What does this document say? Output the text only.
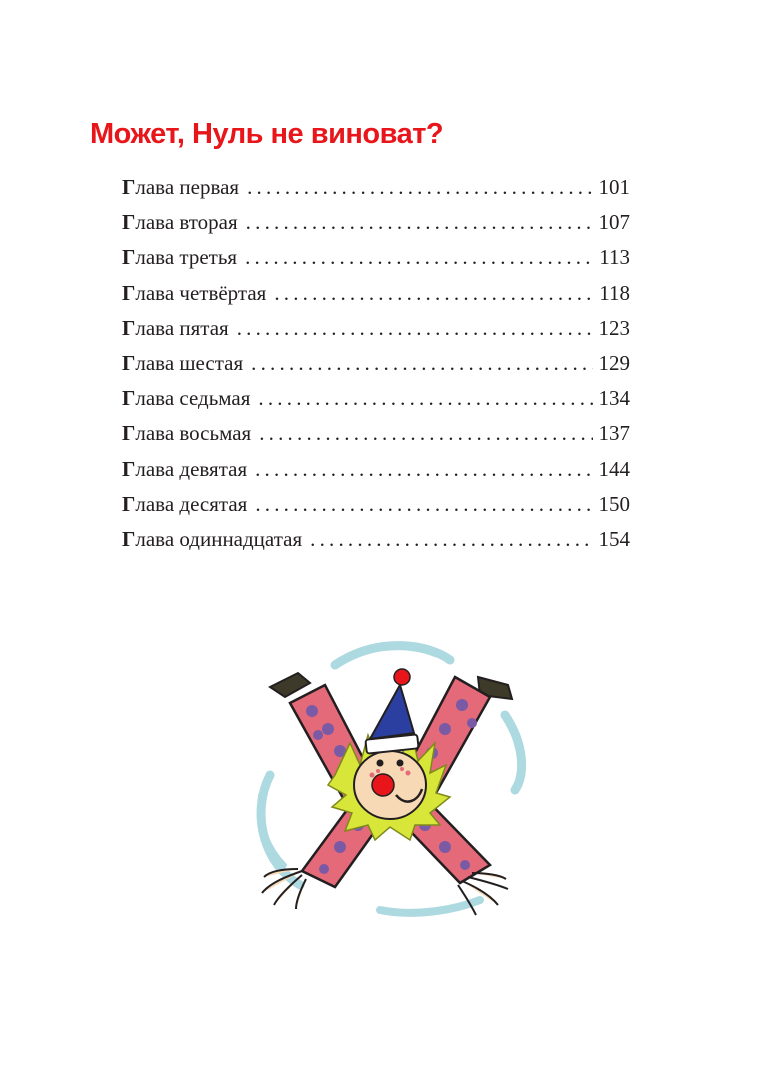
Может, Нуль не виноват?
Глава первая .....	101
Глава вторая .....	107
Глава третья .....	113
Глава четвёртая .....	118
Глава пятая .....	123
Глава шестая .....	129
Глава седьмая .....	134
Глава восьмая .....	137
Глава девятая .....	144
Глава десятая .....	150
Глава одиннадцатая .....	154
